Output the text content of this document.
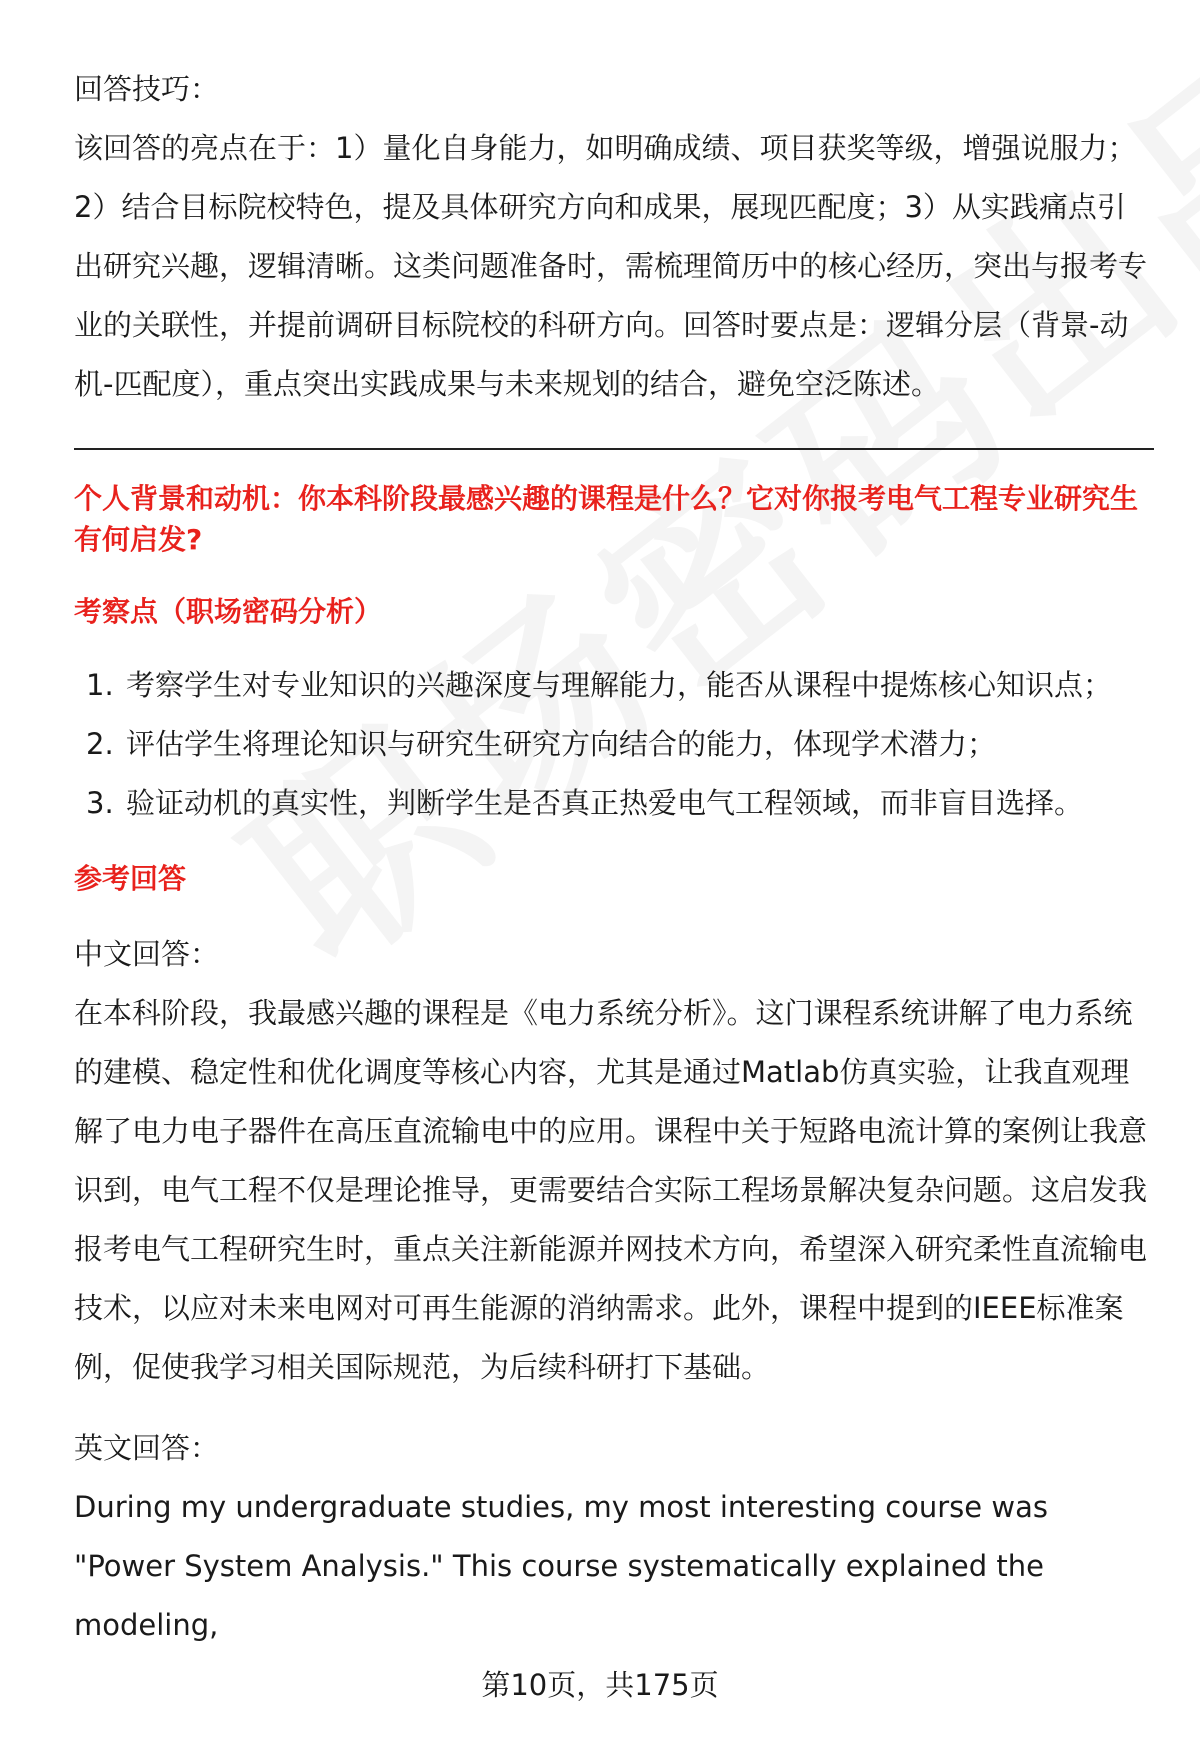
回答技巧：

该回答的亮点在于：1）量化自身能力，如明确成绩、项目获奖等级，增强说服力；2）结合目标院校特色，提及具体研究方向和成果，展现匹配度；3）从实践痛点引出研究兴趣，逻辑清晰。这类问题准备时，需梳理简历中的核心经历，突出与报考专业的关联性，并提前调研目标院校的科研方向。回答时要点是：逻辑分层（背景-动机-匹配度），重点突出实践成果与未来规划的结合，避免空泛陈述。

个人背景和动机：你本科阶段最感兴趣的课程是什么？它对你报考电气工程专业研究生有何启发?
考察点（职场密码分析）
1. 考察学生对专业知识的兴趣深度与理解能力，能否从课程中提炼核心知识点；
2. 评估学生将理论知识与研究生研究方向结合的能力，体现学术潜力；
3. 验证动机的真实性，判断学生是否真正热爱电气工程领域，而非盲目选择。
参考回答

中文回答：

在本科阶段，我最感兴趣的课程是《电力系统分析》。这门课程系统讲解了电力系统的建模、稳定性和优化调度等核心内容，尤其是通过Matlab仿真实验，让我直观理解了电力电子器件在高压直流输电中的应用。课程中关于短路电流计算的案例让我意识到，电气工程不仅是理论推导，更需要结合实际工程场景解决复杂问题。这启发我报考电气工程研究生时，重点关注新能源并网技术方向，希望深入研究柔性直流输电技术，以应对未来电网对可再生能源的消纳需求。此外，课程中提到的IEEE标准案例，促使我学习相关国际规范，为后续科研打下基础。

英文回答：

During my undergraduate studies, my most interesting course was "Power System Analysis." This course systematically explained the modeling,

第10页，共175页
